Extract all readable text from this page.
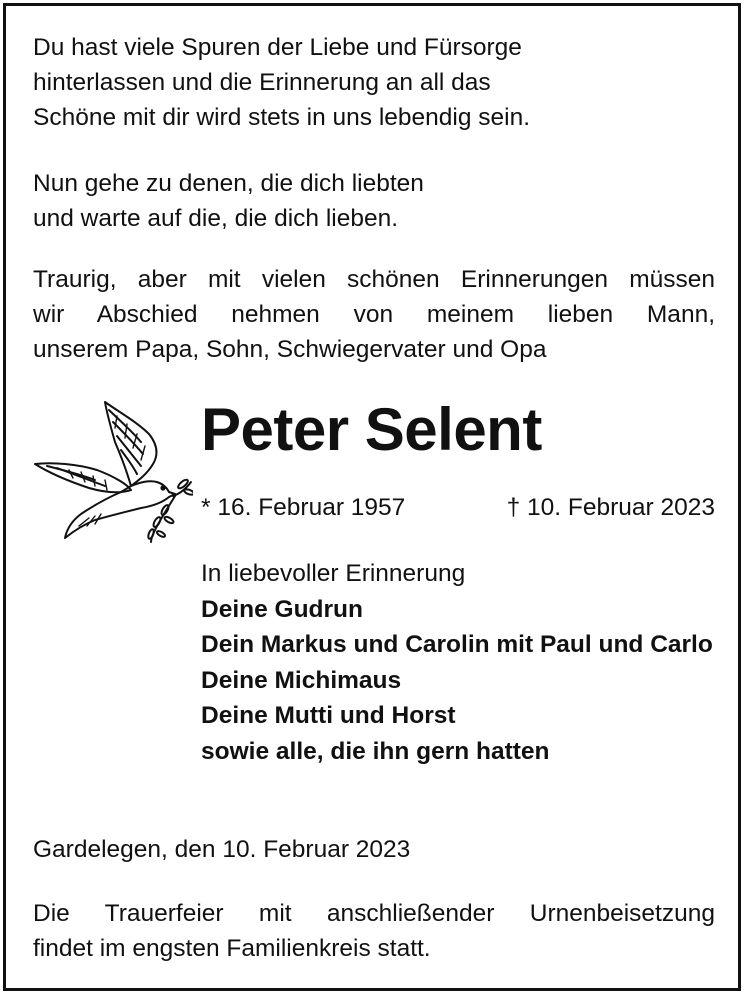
Du hast viele Spuren der Liebe und Fürsorge
hinterlassen und die Erinnerung an all das
Schöne mit dir wird stets in uns lebendig sein.
Nun gehe zu denen, die dich liebten
und warte auf die, die dich lieben.
Traurig, aber mit vielen schönen Erinnerungen müssen
wir Abschied nehmen von meinem lieben Mann,
unserem Papa, Sohn, Schwiegervater und Opa
Peter Selent
* 16. Februar 1957	† 10. Februar 2023
In liebevoller Erinnerung
Deine Gudrun
Dein Markus und Carolin mit Paul und Carlo
Deine Michimaus
Deine Mutti und Horst
sowie alle, die ihn gern hatten
Gardelegen, den 10. Februar 2023
Die Trauerfeier mit anschließender Urnenbeisetzung
findet im engsten Familienkreis statt.
